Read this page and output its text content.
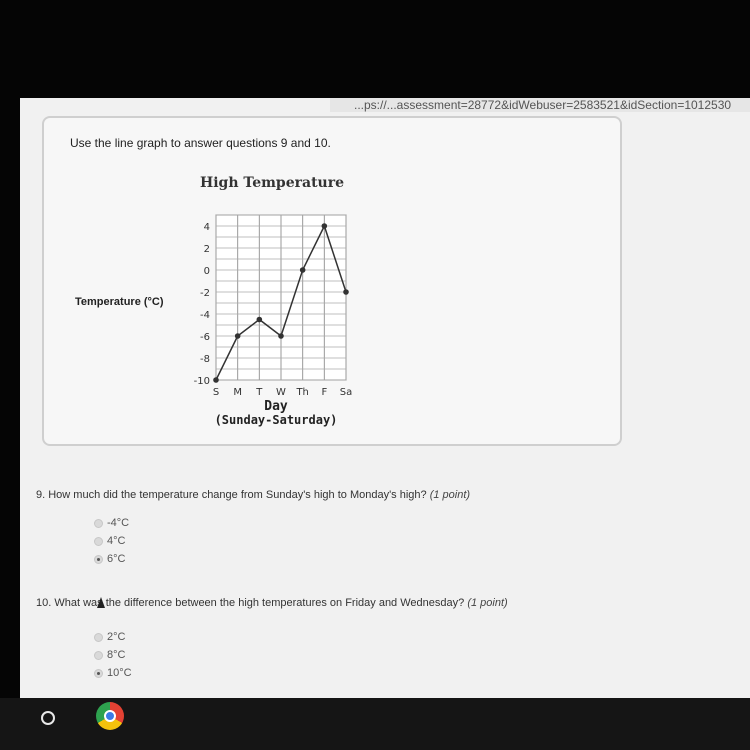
...ps://...assessment=28772&idWebuser=2583521&idSection=1012530
Use the line graph to answer questions 9 and 10.
High Temperature
Temperature (°C)
4
2
0
-2
-4
-6
-8
-10
S M T W Th F Sa
Day
(Sunday-Saturday)
9. How much did the temperature change from Sunday's high to Monday's high? (1 point)
-4°C
4°C
6°C
10. What was the difference between the high temperatures on Friday and Wednesday? (1 point)
2°C
8°C
10°C
